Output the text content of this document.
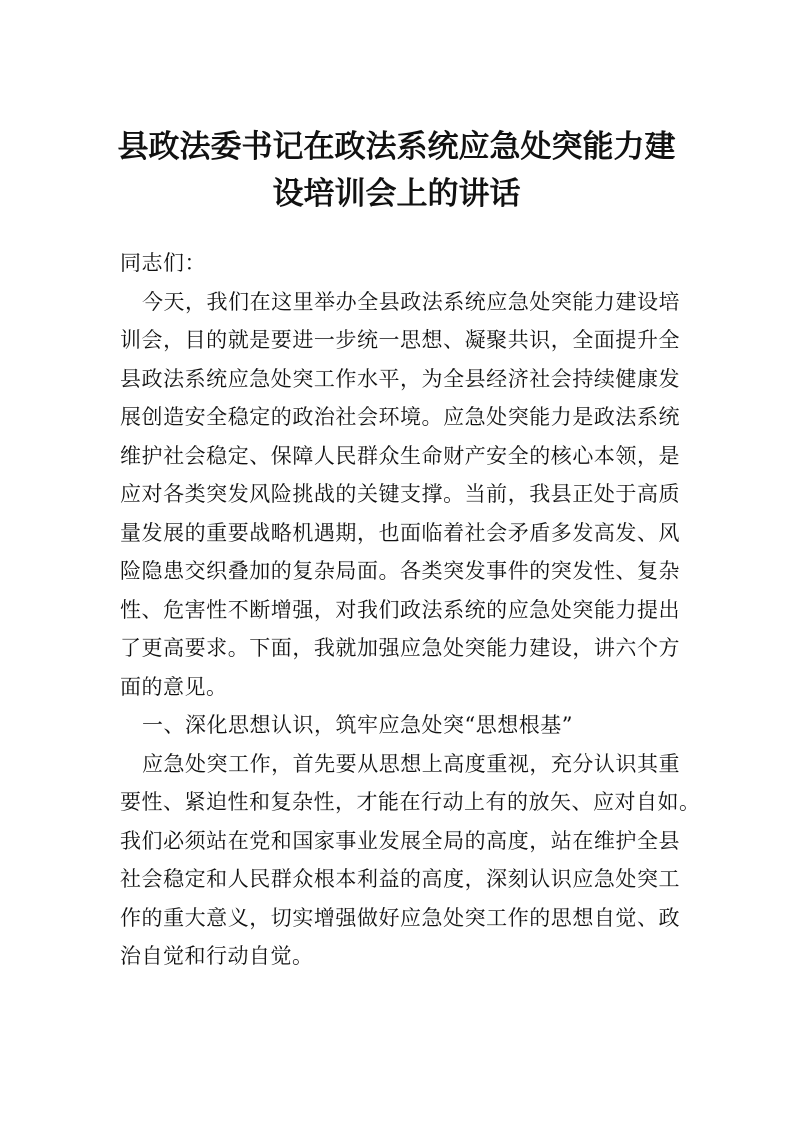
县政法委书记在政法系统应急处突能力建
设培训会上的讲话
同志们：
今天，我们在这里举办全县政法系统应急处突能力建设培
训会，目的就是要进一步统一思想、凝聚共识，全面提升全
县政法系统应急处突工作水平，为全县经济社会持续健康发
展创造安全稳定的政治社会环境。应急处突能力是政法系统
维护社会稳定、保障人民群众生命财产安全的核心本领，是
应对各类突发风险挑战的关键支撑。当前，我县正处于高质
量发展的重要战略机遇期，也面临着社会矛盾多发高发、风
险隐患交织叠加的复杂局面。各类突发事件的突发性、复杂
性、危害性不断增强，对我们政法系统的应急处突能力提出
了更高要求。下面，我就加强应急处突能力建设，讲六个方
面的意见。
一、深化思想认识，筑牢应急处突“思想根基”
应急处突工作，首先要从思想上高度重视，充分认识其重
要性、紧迫性和复杂性，才能在行动上有的放矢、应对自如。
我们必须站在党和国家事业发展全局的高度，站在维护全县
社会稳定和人民群众根本利益的高度，深刻认识应急处突工
作的重大意义，切实增强做好应急处突工作的思想自觉、政
治自觉和行动自觉。
